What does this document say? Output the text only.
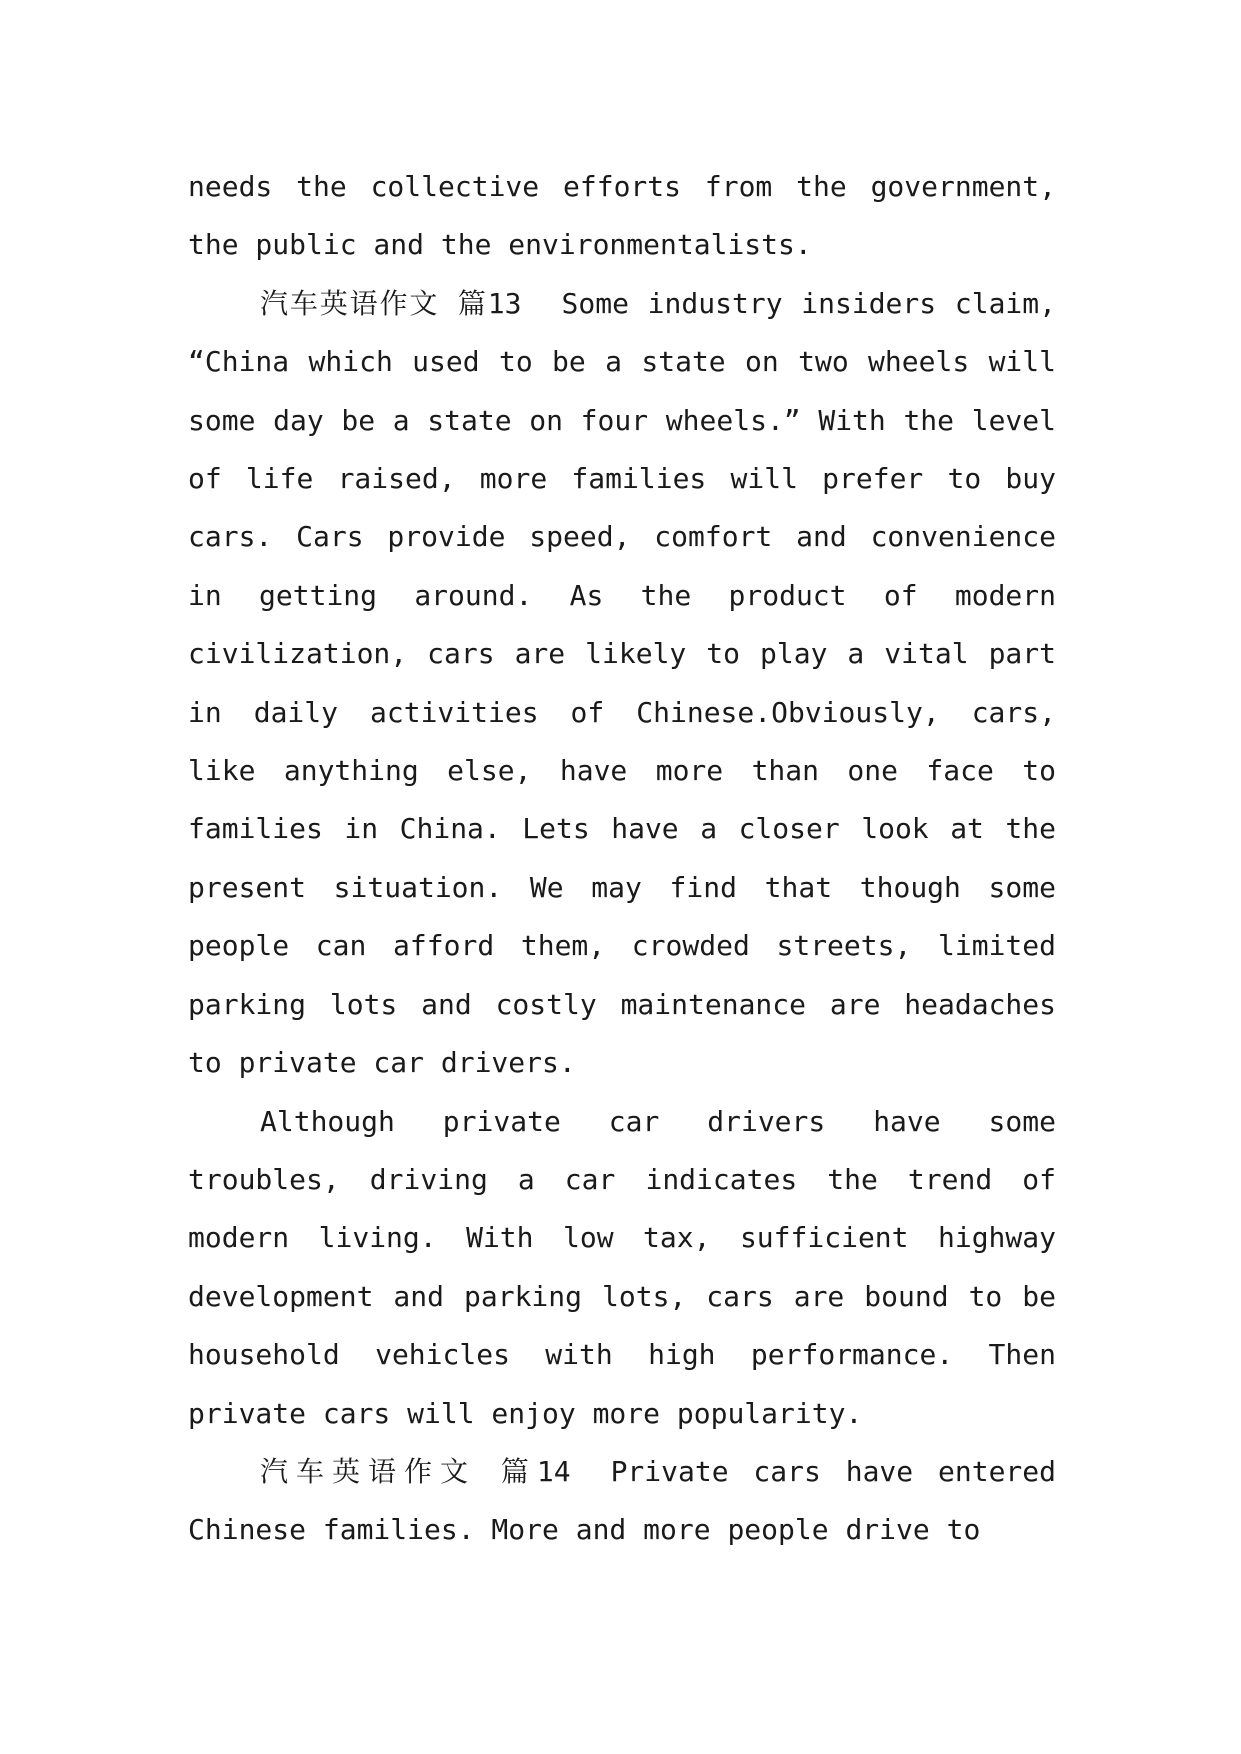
needs the collective efforts from the government, the public and the environmentalists.

汽车英语作文 篇13 Some industry insiders claim, “China which used to be a state on two wheels will some day be a state on four wheels.” With the level of life raised, more families will prefer to buy cars. Cars provide speed, comfort and convenience in getting around. As the product of modern civilization, cars are likely to play a vital part in daily activities of Chinese.Obviously, cars, like anything else, have more than one face to families in China. Lets have a closer look at the present situation. We may find that though some people can afford them, crowded streets, limited parking lots and costly maintenance are headaches to private car drivers.

Although private car drivers have some troubles, driving a car indicates the trend of modern living. With low tax, sufficient highway development and parking lots, cars are bound to be household vehicles with high performance. Then private cars will enjoy more popularity.

汽车英语作文 篇14 Private cars have entered Chinese families. More and more people drive to
